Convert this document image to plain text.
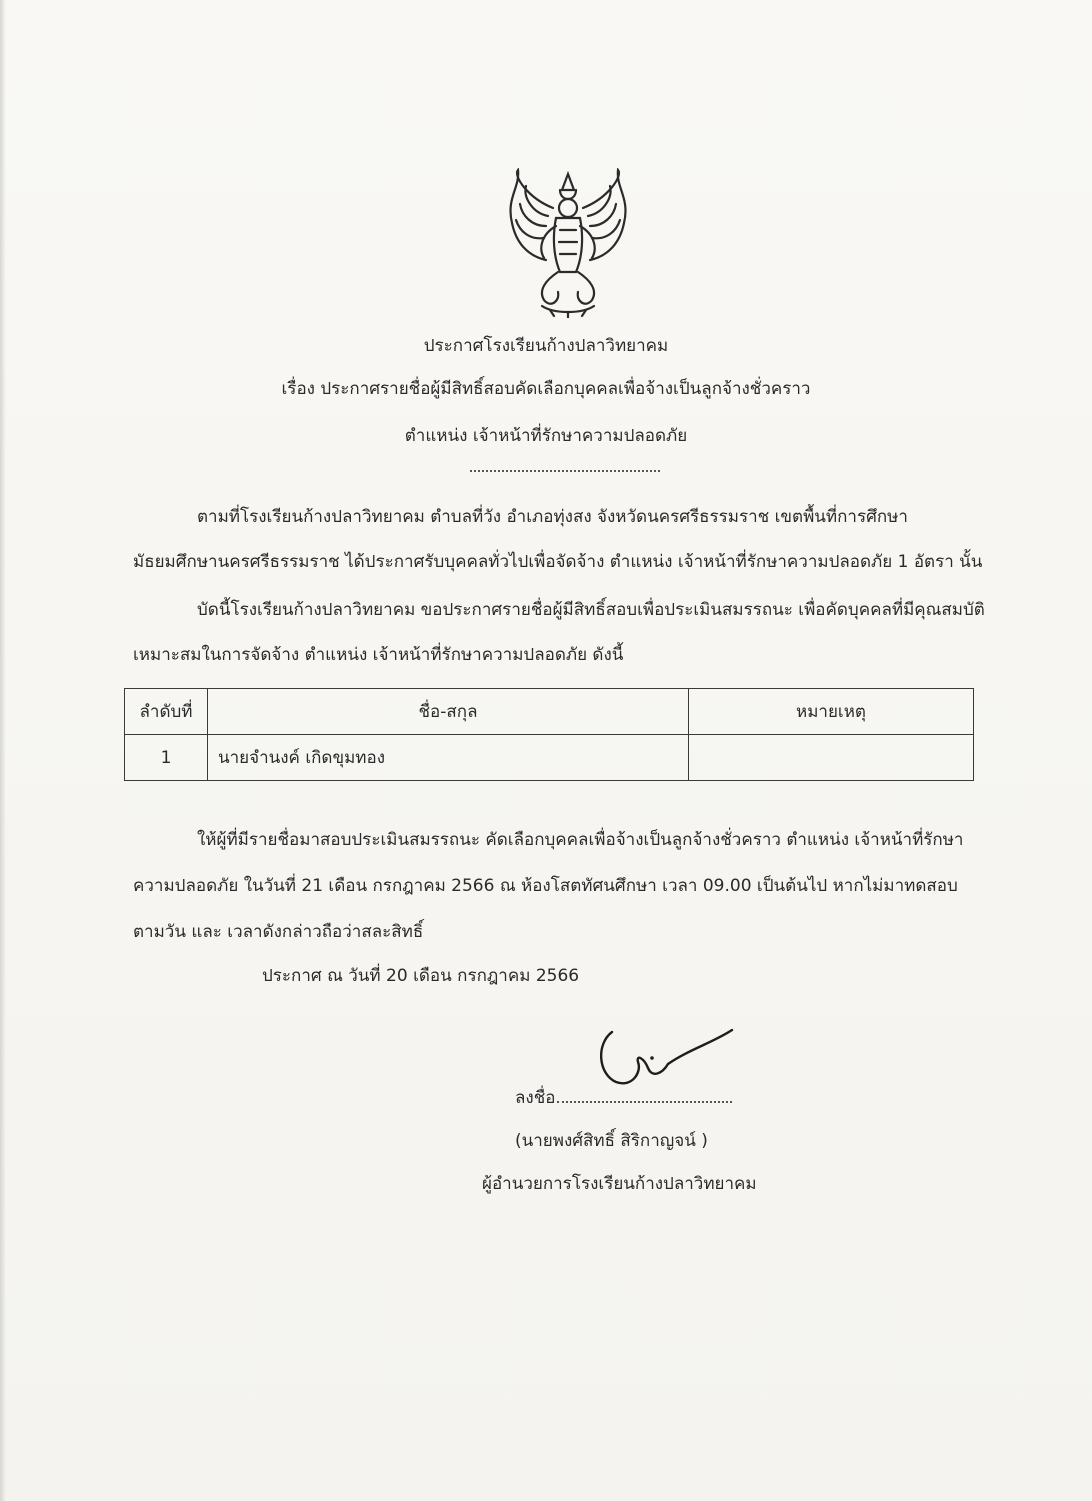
ประกาศโรงเรียนก้างปลาวิทยาคม
เรื่อง ประกาศรายชื่อผู้มีสิทธิ์สอบคัดเลือกบุคคลเพื่อจ้างเป็นลูกจ้างชั่วคราว
ตำแหน่ง เจ้าหน้าที่รักษาความปลอดภัย
ตามที่โรงเรียนก้างปลาวิทยาคม ตำบลที่วัง อำเภอทุ่งสง จังหวัดนครศรีธรรมราช เขตพื้นที่การศึกษา
มัธยมศึกษานครศรีธรรมราช ได้ประกาศรับบุคคลทั่วไปเพื่อจัดจ้าง ตำแหน่ง เจ้าหน้าที่รักษาความปลอดภัย 1 อัตรา นั้น
บัดนี้โรงเรียนก้างปลาวิทยาคม ขอประกาศรายชื่อผู้มีสิทธิ์สอบเพื่อประเมินสมรรถนะ เพื่อคัดบุคคลที่มีคุณสมบัติ
เหมาะสมในการจัดจ้าง ตำแหน่ง เจ้าหน้าที่รักษาความปลอดภัย ดังนี้
ลำดับที่	ชื่อ-สกุล	หมายเหตุ
1	นายจำนงค์ เกิดขุมทอง	
ให้ผู้ที่มีรายชื่อมาสอบประเมินสมรรถนะ คัดเลือกบุคคลเพื่อจ้างเป็นลูกจ้างชั่วคราว ตำแหน่ง เจ้าหน้าที่รักษา
ความปลอดภัย ในวันที่ 21 เดือน กรกฎาคม 2566 ณ ห้องโสตทัศนศึกษา เวลา 09.00 เป็นต้นไป หากไม่มาทดสอบ
ตามวัน และ เวลาดังกล่าวถือว่าสละสิทธิ์
ประกาศ ณ วันที่ 20 เดือน กรกฎาคม 2566
ลงชื่อ
(นายพงศ์สิทธิ์ สิริกาญจน์ )
ผู้อำนวยการโรงเรียนก้างปลาวิทยาคม
